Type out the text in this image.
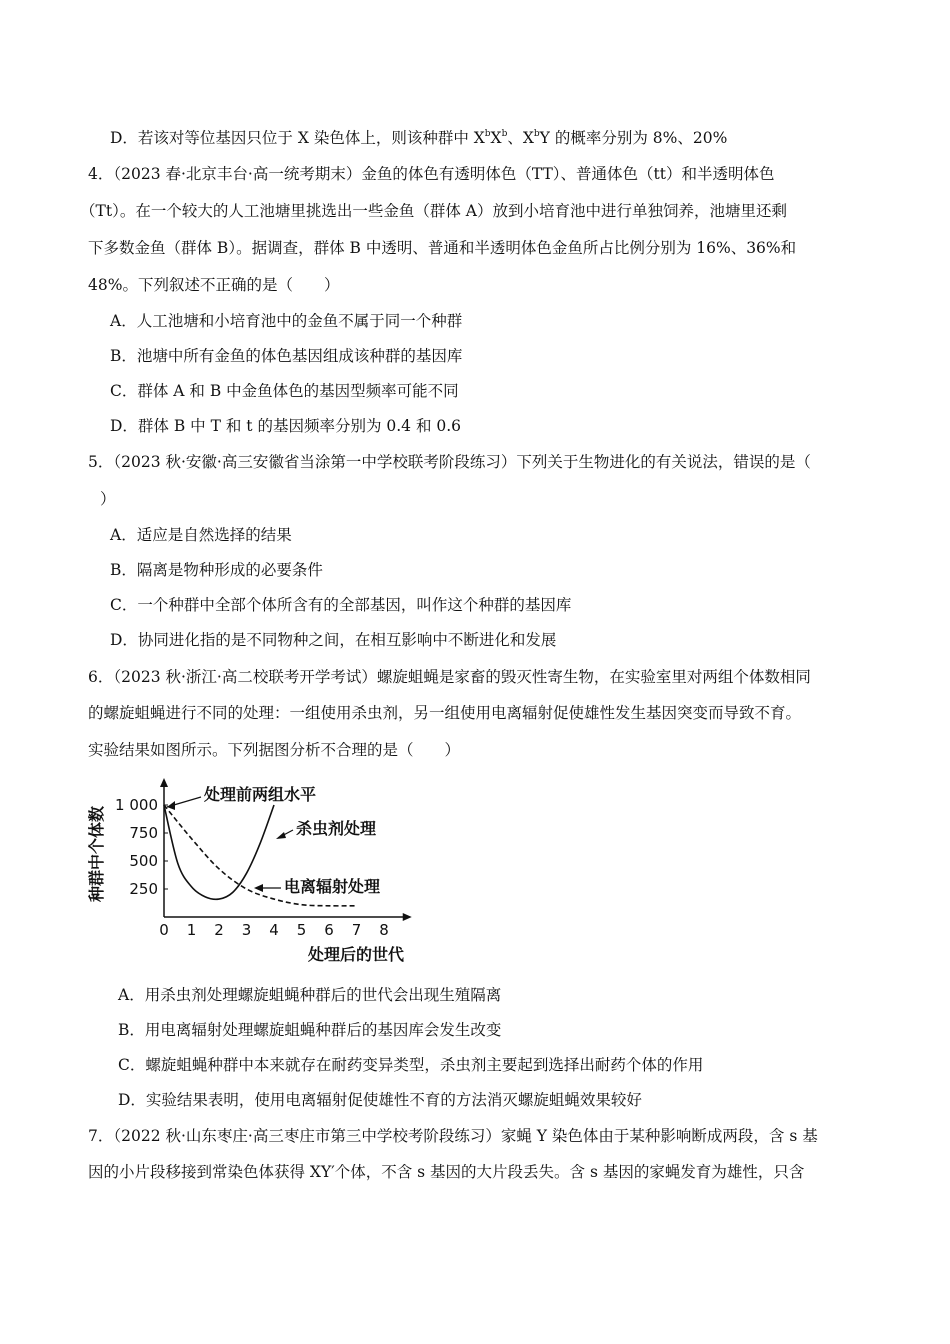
D．若该对等位基因只位于 X 染色体上，则该种群中 $X^bX^b$、$X^bY$ 的概率分别为 8%、20%
4．（2023 春·北京丰台·高一统考期末）金鱼的体色有透明体色（TT）、普通体色（tt）和半透明体色
（Tt）。在一个较大的人工池塘里挑选出一些金鱼（群体 A）放到小培育池中进行单独饲养，池塘里还剩
下多数金鱼（群体 B）。据调查，群体 B 中透明、普通和半透明体色金鱼所占比例分别为 16%、36%和
48%。下列叙述不正确的是（　　）
A．人工池塘和小培育池中的金鱼不属于同一个种群
B．池塘中所有金鱼的体色基因组成该种群的基因库
C．群体 A 和 B 中金鱼体色的基因型频率可能不同
D．群体 B 中 T 和 t 的基因频率分别为 0.4 和 0.6
5．（2023 秋·安徽·高三安徽省当涂第一中学校联考阶段练习）下列关于生物进化的有关说法，错误的是（
）
A．适应是自然选择的结果
B．隔离是物种形成的必要条件
C．一个种群中全部个体所含有的全部基因，叫作这个种群的基因库
D．协同进化指的是不同物种之间，在相互影响中不断进化和发展
6．（2023 秋·浙江·高二校联考开学考试）螺旋蛆蝇是家畜的毁灭性寄生物，在实验室里对两组个体数相同
的螺旋蛆蝇进行不同的处理：一组使用杀虫剂，另一组使用电离辐射促使雄性发生基因突变而导致不育。
实验结果如图所示。下列据图分析不合理的是（　　）
0 1 2 3 4 5 6 7 8
250
500
750
1 000
处理前两组水平
杀虫剂处理
电离辐射处理
处理后的世代
种群中个体数
A．用杀虫剂处理螺旋蛆蝇种群后的世代会出现生殖隔离
B．用电离辐射处理螺旋蛆蝇种群后的基因库会发生改变
C．螺旋蛆蝇种群中本来就存在耐药变异类型，杀虫剂主要起到选择出耐药个体的作用
D．实验结果表明，使用电离辐射促使雄性不育的方法消灭螺旋蛆蝇效果较好
7．（2022 秋·山东枣庄·高三枣庄市第三中学校考阶段练习）家蝇 Y 染色体由于某种影响断成两段，含 s 基
因的小片段移接到常染色体获得 XY′个体，不含 s 基因的大片段丢失。含 s 基因的家蝇发育为雄性，只含
